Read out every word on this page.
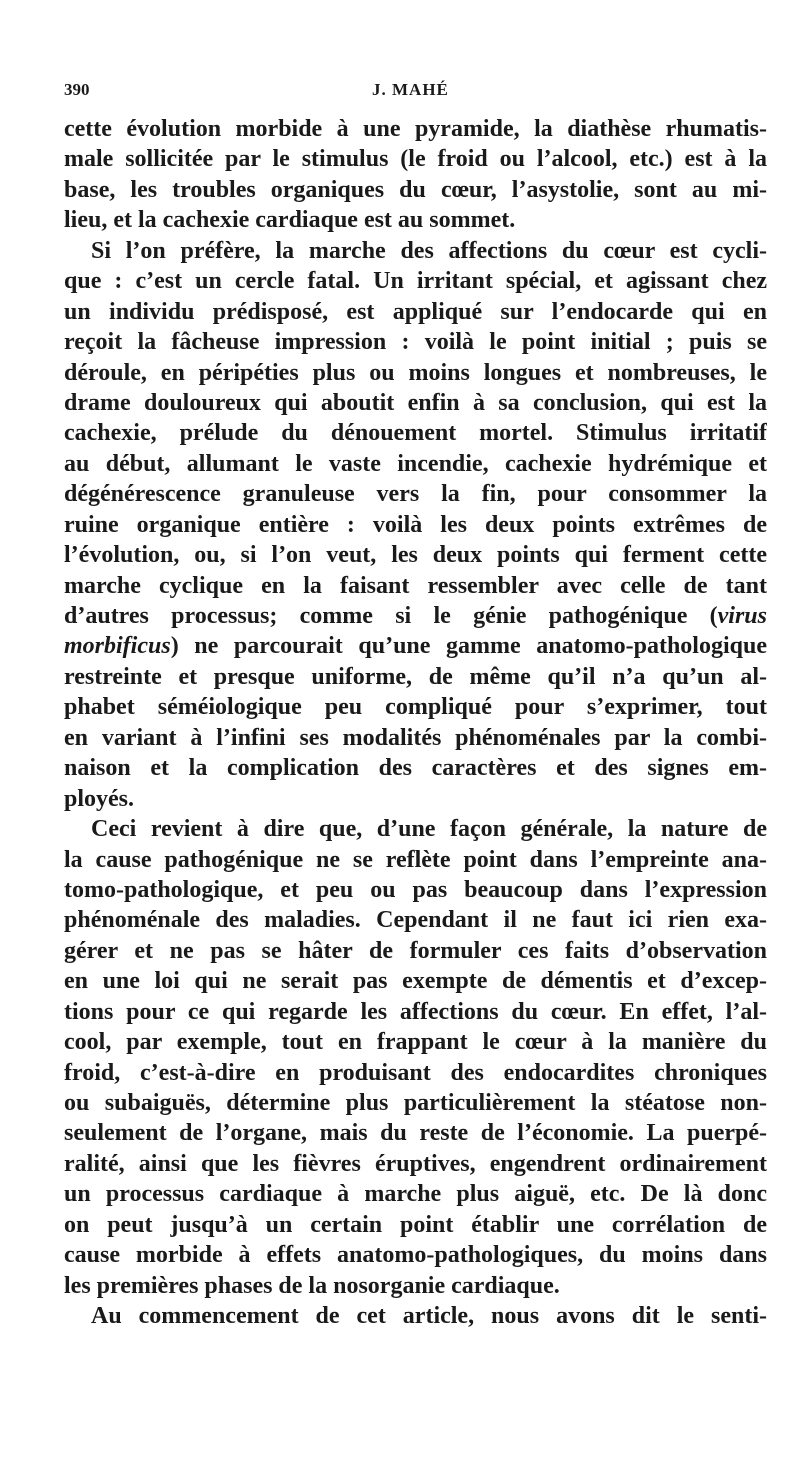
390	J. MAHÉ
cette évolution morbide à une pyramide, la diathèse rhumatis-
male sollicitée par le stimulus (le froid ou l’alcool, etc.) est à la
base, les troubles organiques du cœur, l’asystolie, sont au mi-
lieu, et la cachexie cardiaque est au sommet.
Si l’on préfère, la marche des affections du cœur est cycli-
que : c’est un cercle fatal. Un irritant spécial, et agissant chez
un individu prédisposé, est appliqué sur l’endocarde qui en
reçoit la fâcheuse impression : voilà le point initial ; puis se
déroule, en péripéties plus ou moins longues et nombreuses, le
drame douloureux qui aboutit enfin à sa conclusion, qui est la
cachexie, prélude du dénouement mortel. Stimulus irritatif
au début, allumant le vaste incendie, cachexie hydrémique et
dégénérescence granuleuse vers la fin, pour consommer la
ruine organique entière : voilà les deux points extrêmes de
l’évolution, ou, si l’on veut, les deux points qui ferment cette
marche cyclique en la faisant ressembler avec celle de tant
d’autres processus; comme si le génie pathogénique (virus
morbificus) ne parcourait qu’une gamme anatomo-pathologique
restreinte et presque uniforme, de même qu’il n’a qu’un al-
phabet séméiologique peu compliqué pour s’exprimer, tout
en variant à l’infini ses modalités phénoménales par la combi-
naison et la complication des caractères et des signes em-
ployés.
Ceci revient à dire que, d’une façon générale, la nature de
la cause pathogénique ne se reflète point dans l’empreinte ana-
tomo-pathologique, et peu ou pas beaucoup dans l’expression
phénoménale des maladies. Cependant il ne faut ici rien exa-
gérer et ne pas se hâter de formuler ces faits d’observation
en une loi qui ne serait pas exempte de démentis et d’excep-
tions pour ce qui regarde les affections du cœur. En effet, l’al-
cool, par exemple, tout en frappant le cœur à la manière du
froid, c’est-à-dire en produisant des endocardites chroniques
ou subaiguës, détermine plus particulièrement la stéatose non-
seulement de l’organe, mais du reste de l’économie. La puerpé-
ralité, ainsi que les fièvres éruptives, engendrent ordinairement
un processus cardiaque à marche plus aiguë, etc. De là donc
on peut jusqu’à un certain point établir une corrélation de
cause morbide à effets anatomo-pathologiques, du moins dans
les premières phases de la nosorganie cardiaque.
Au commencement de cet article, nous avons dit le senti-
